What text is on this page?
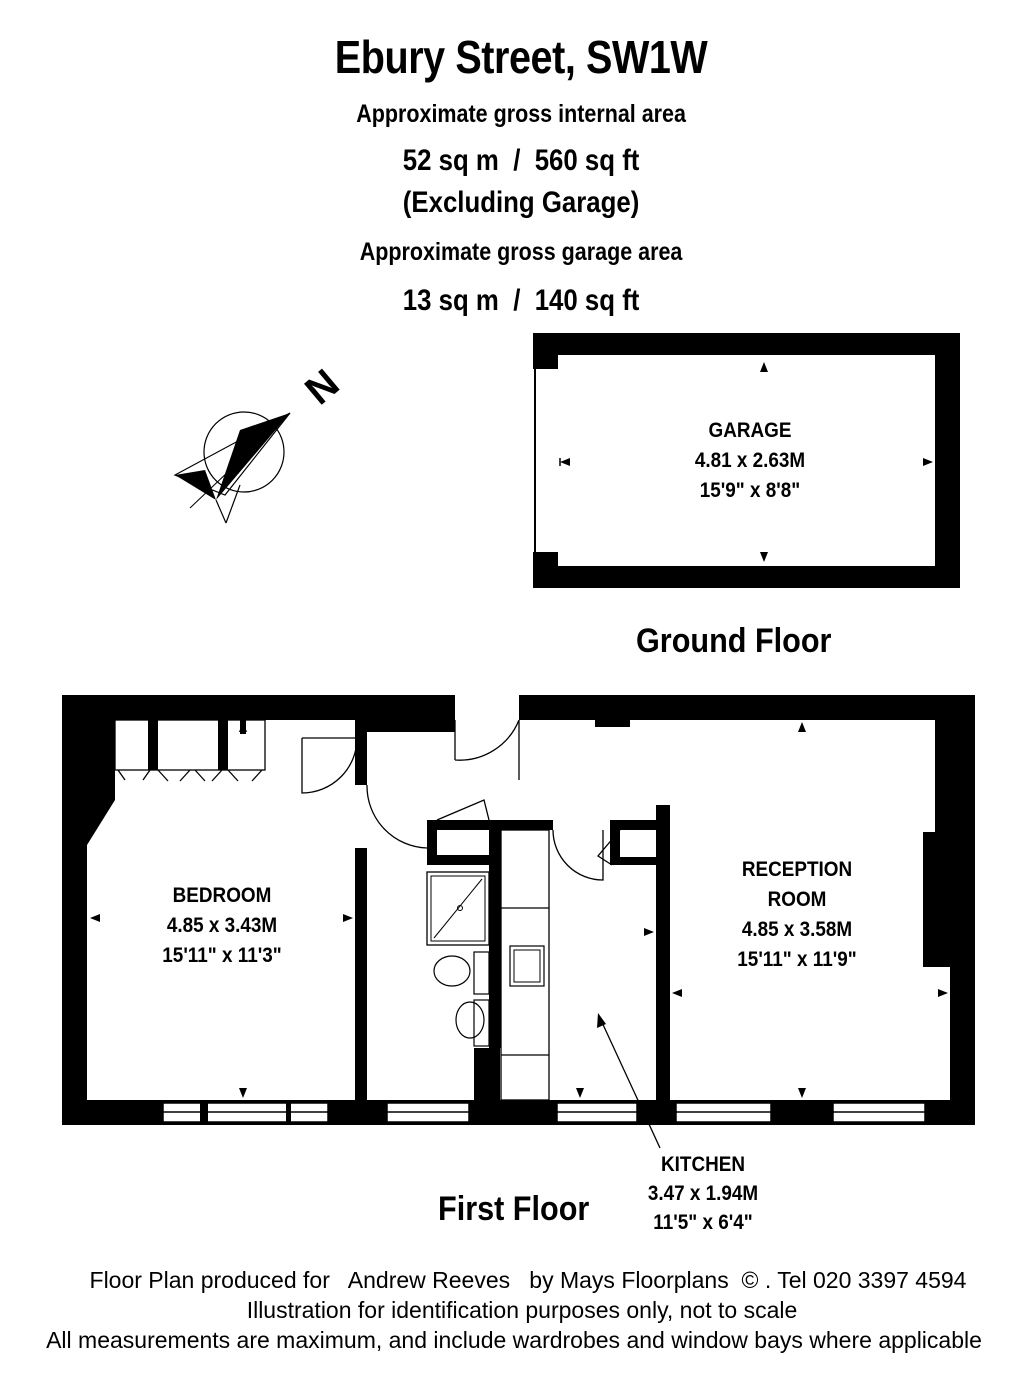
Ebury Street, SW1W
Approximate gross internal area
52 sq m  /  560 sq ft
(Excluding Garage)
Approximate gross garage area
13 sq m  /  140 sq ft
N
GARAGE
4.81 x 2.63M
15'9" x 8'8"
BEDROOM
4.85 x 3.43M
15'11" x 11'3"
RECEPTION
ROOM
4.85 x 3.58M
15'11" x 11'9"
KITCHEN
3.47 x 1.94M
11'5" x 6'4"
Ground Floor
First Floor
Floor Plan produced for   Andrew Reeves   by Mays Floorplans  © . Tel 020 3397 4594
Illustration for identification purposes only, not to scale
All measurements are maximum, and include wardrobes and window bays where applicable
